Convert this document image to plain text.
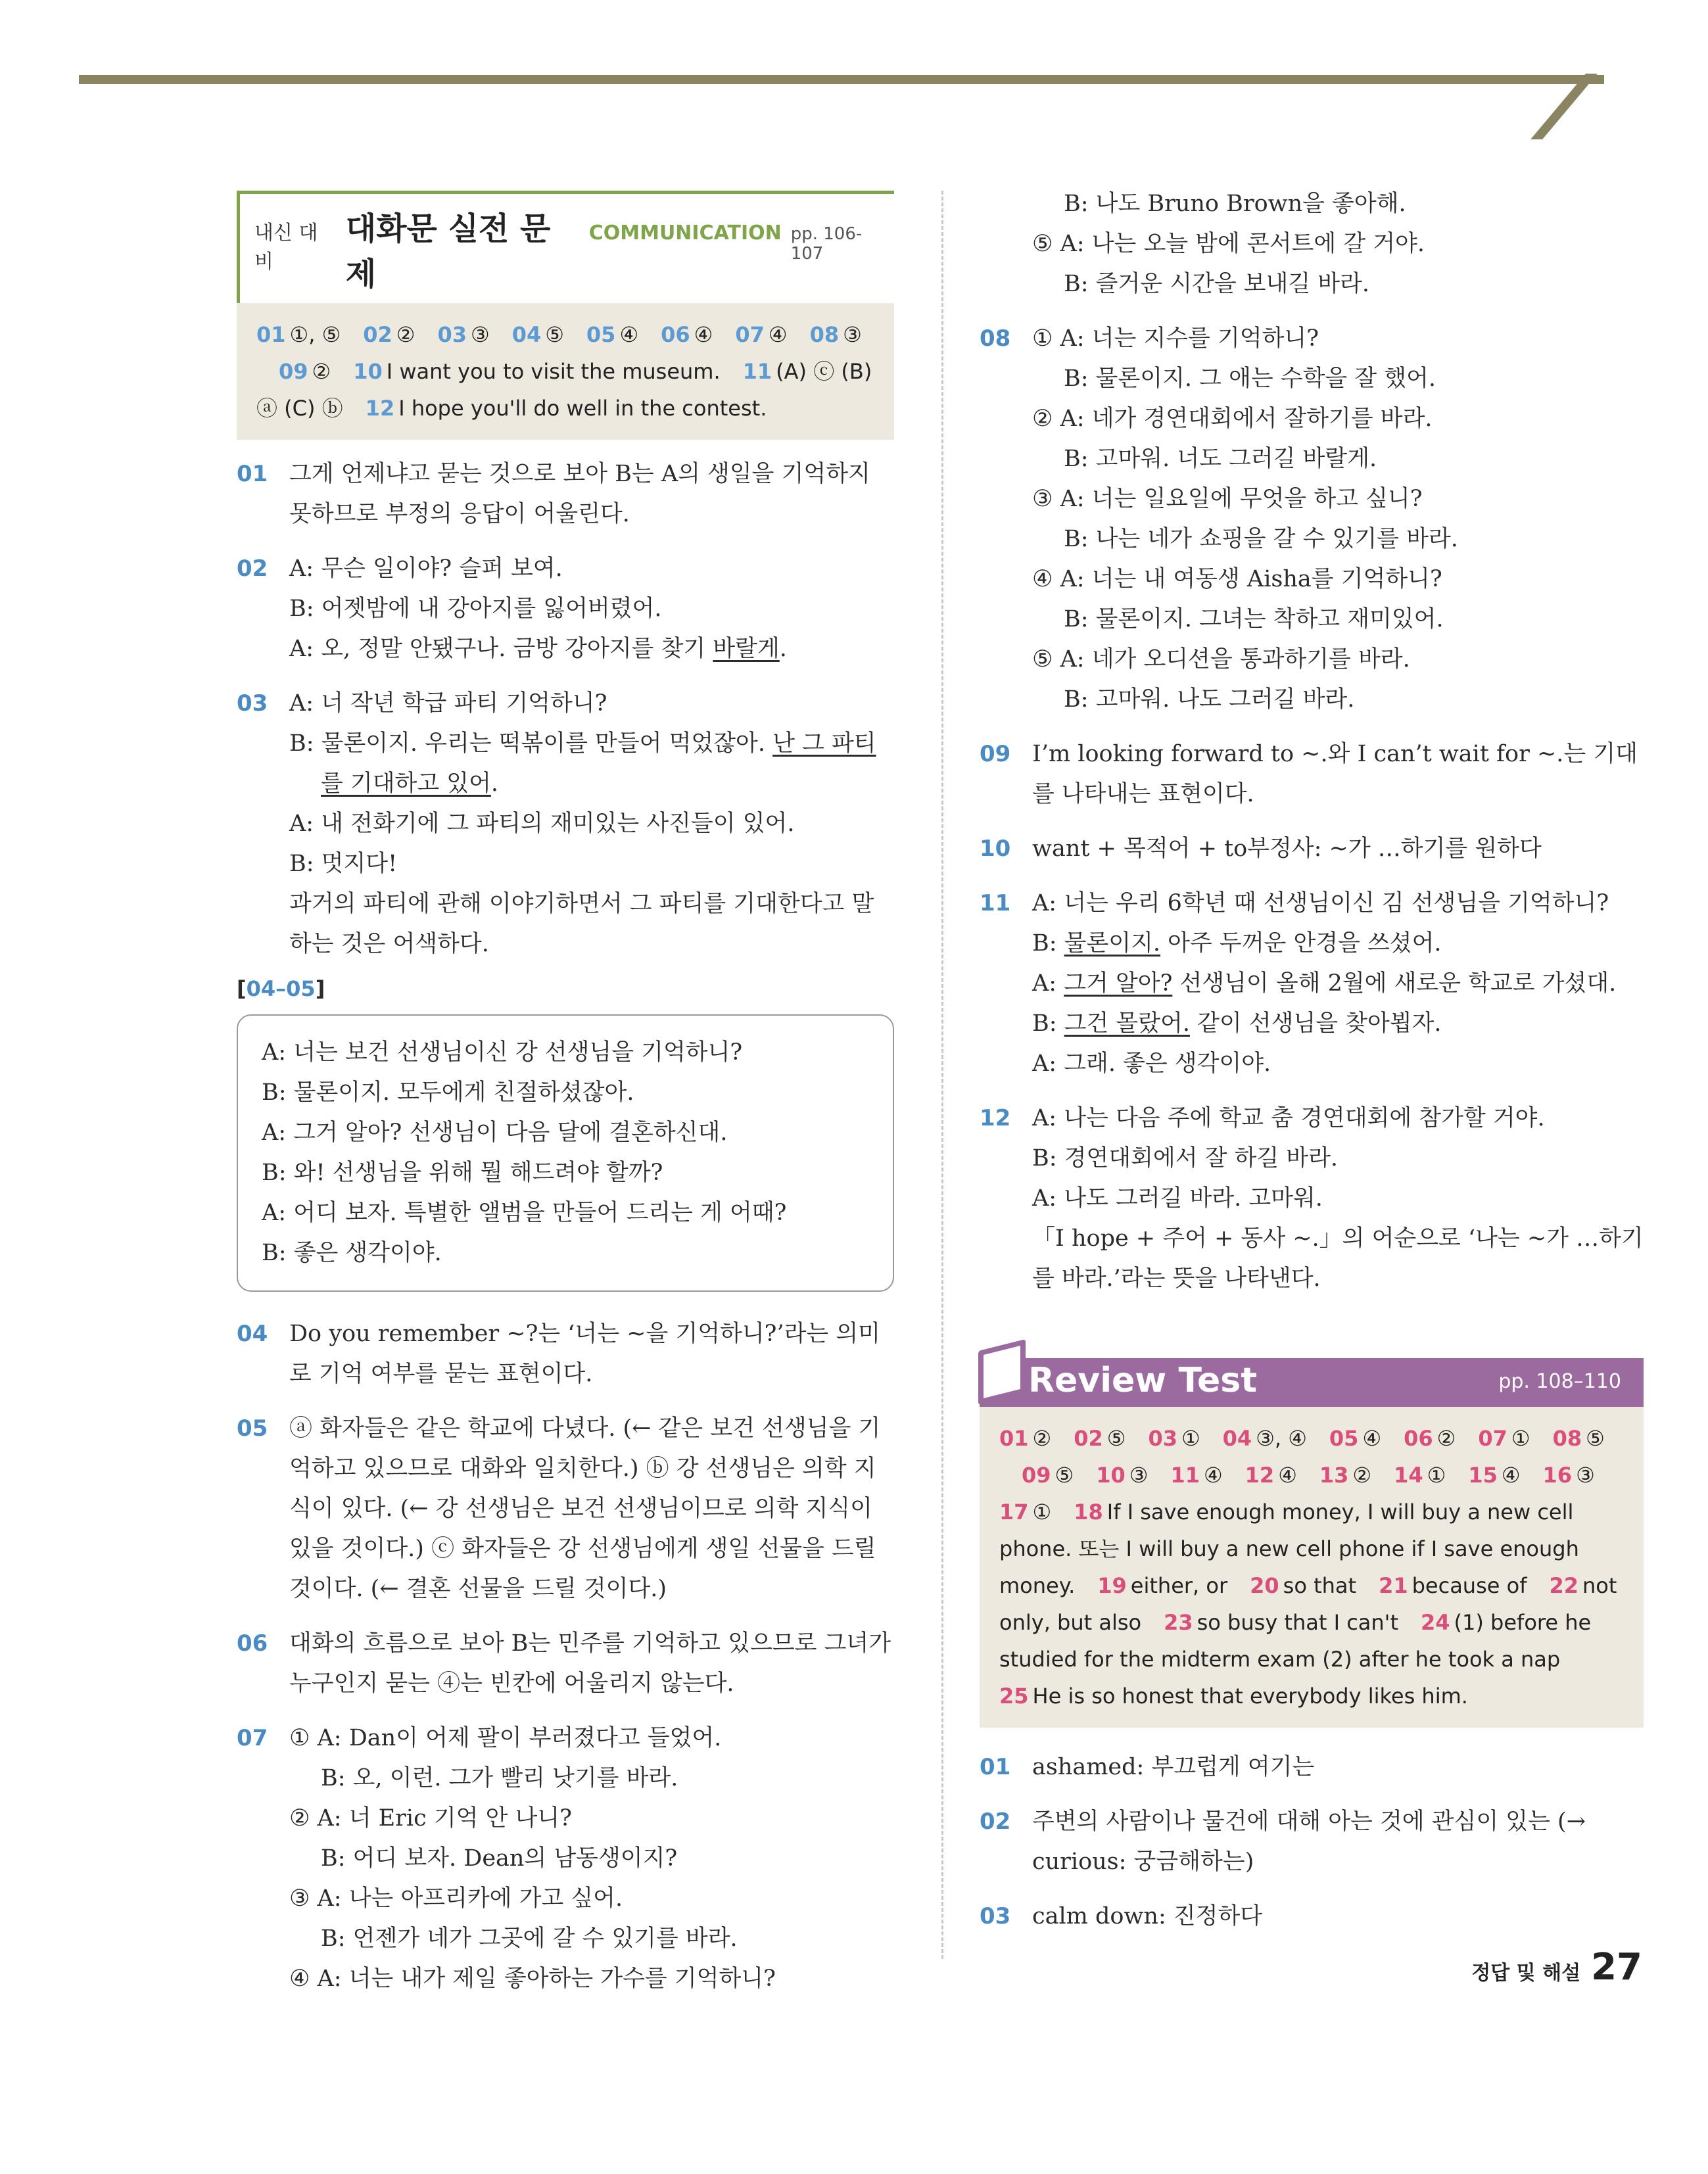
내신 대비
대화문 실전 문제
COMMUNICATION pp. 106-107
01 ①, ⑤ 02 ② 03 ③ 04 ⑤ 05 ④ 06 ④ 07 ④ 08 ③09 ② 10 I want you to visit the museum. 11 (A) ⓒ (B) ⓐ (C) ⓑ 12 I hope you'll do well in the contest.
01 그게 언제냐고 묻는 것으로 보아 B는 A의 생일을 기억하지 못하므로 부정의 응답이 어울린다.
02 A: 무슨 일이야? 슬퍼 보여.
B: 어젯밤에 내 강아지를 잃어버렸어.
A: 오, 정말 안됐구나. 금방 강아지를 찾기 바랄게.
03 A: 너 작년 학급 파티 기억하니?
B: 물론이지. 우리는 떡볶이를 만들어 먹었잖아. 난 그 파티를 기대하고 있어.
A: 내 전화기에 그 파티의 재미있는 사진들이 있어.
B: 멋지다!
과거의 파티에 관해 이야기하면서 그 파티를 기대한다고 말하는 것은 어색하다.
[04–05]
A: 너는 보건 선생님이신 강 선생님을 기억하니?
B: 물론이지. 모두에게 친절하셨잖아.
A: 그거 알아? 선생님이 다음 달에 결혼하신대.
B: 와! 선생님을 위해 뭘 해드려야 할까?
A: 어디 보자. 특별한 앨범을 만들어 드리는 게 어때?
B: 좋은 생각이야.
04 Do you remember ~?는 ‘너는 ~을 기억하니?’라는 의미로 기억 여부를 묻는 표현이다.
05 ⓐ 화자들은 같은 학교에 다녔다. (← 같은 보건 선생님을 기억하고 있으므로 대화와 일치한다.) ⓑ 강 선생님은 의학 지식이 있다. (← 강 선생님은 보건 선생님이므로 의학 지식이 있을 것이다.) ⓒ 화자들은 강 선생님에게 생일 선물을 드릴 것이다. (← 결혼 선물을 드릴 것이다.)
06 대화의 흐름으로 보아 B는 민주를 기억하고 있으므로 그녀가 누구인지 묻는 ④는 빈칸에 어울리지 않는다.
07 ① A: Dan이 어제 팔이 부러졌다고 들었어.
B: 오, 이런. 그가 빨리 낫기를 바라.
② A: 너 Eric 기억 안 나니?
B: 어디 보자. Dean의 남동생이지?
③ A: 나는 아프리카에 가고 싶어.
B: 언젠가 네가 그곳에 갈 수 있기를 바라.
④ A: 너는 내가 제일 좋아하는 가수를 기억하니?
B: 나도 Bruno Brown을 좋아해.
⑤ A: 나는 오늘 밤에 콘서트에 갈 거야.
B: 즐거운 시간을 보내길 바라.
08 ① A: 너는 지수를 기억하니?
B: 물론이지. 그 애는 수학을 잘 했어.
② A: 네가 경연대회에서 잘하기를 바라.
B: 고마워. 너도 그러길 바랄게.
③ A: 너는 일요일에 무엇을 하고 싶니?
B: 나는 네가 쇼핑을 갈 수 있기를 바라.
④ A: 너는 내 여동생 Aisha를 기억하니?
B: 물론이지. 그녀는 착하고 재미있어.
⑤ A: 네가 오디션을 통과하기를 바라.
B: 고마워. 나도 그러길 바라.
09 I’m looking forward to ~.와 I can’t wait for ~.는 기대를 나타내는 표현이다.
10 want + 목적어 + to부정사: ~가 …하기를 원하다
11 A: 너는 우리 6학년 때 선생님이신 김 선생님을 기억하니?
B: 물론이지. 아주 두꺼운 안경을 쓰셨어.
A: 그거 알아? 선생님이 올해 2월에 새로운 학교로 가셨대.
B: 그건 몰랐어. 같이 선생님을 찾아뵙자.
A: 그래. 좋은 생각이야.
12 A: 나는 다음 주에 학교 춤 경연대회에 참가할 거야.
B: 경연대회에서 잘 하길 바라.
A: 나도 그러길 바라. 고마워.
「I hope + 주어 + 동사 ~.」의 어순으로 ‘나는 ~가 …하기를 바라.’라는 뜻을 나타낸다.
Review Test	pp. 108–110
01 ② 02 ⑤ 03 ① 04 ③, ④ 05 ④ 06 ② 07 ① 08 ⑤09 ⑤ 10 ③ 11 ④ 12 ④ 13 ② 14 ① 15 ④ 16 ③17 ① 18 If I save enough money, I will buy a new cell phone. 또는 I will buy a new cell phone if I save enough money. 19 either, or 20 so that 21 because of 22 not only, but also 23 so busy that I can't 24 (1) before he studied for the midterm exam (2) after he took a nap25 He is so honest that everybody likes him.
01 ashamed: 부끄럽게 여기는
02 주변의 사람이나 물건에 대해 아는 것에 관심이 있는 (→ curious: 궁금해하는)
03 calm down: 진정하다
정답 및 해설 27
